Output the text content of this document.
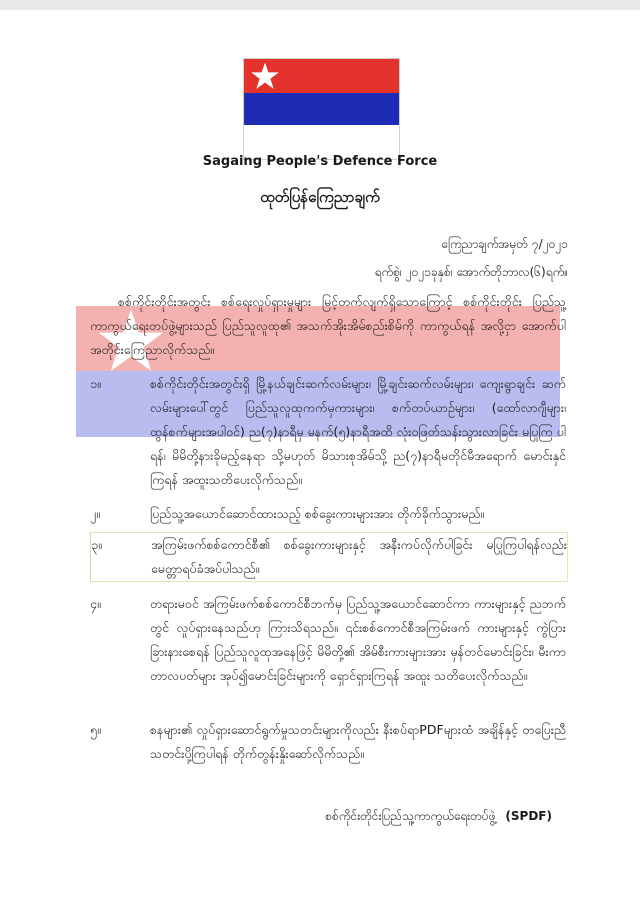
Sagaing People's Defence Force
ထုတ်ပြန်ကြေညာချက်
ကြေညာချက်အမှတ် ၇/၂၀၂၁
ရက်စွဲ၊ ၂၀၂၁ခုနှစ်၊ အောက်တိုဘာလ(၆)ရက်။
စစ်ကိုင်းတိုင်းအတွင်း စစ်ရေးလှုပ်ရှားမှုများ မြင့်တက်လျက်ရှိသောကြောင့် စစ်ကိုင်းတိုင်း ပြည်သူ့ကာကွယ်ရေးတပ်ဖွဲ့များသည် ပြည်သူလူထု၏ အသက်အိုးအိမ်စည်းစိမ်ကို ကာကွယ်ရန် အလို့ငှာ အောက်ပါအတိုင်းကြေညာလိုက်သည်။
၁။	စစ်ကိုင်းတိုင်းအတွင်းရှိ မြို့နယ်ချင်းဆက်လမ်းများ၊ မြို့ချင်းဆက်လမ်းများ၊ ကျေးရွာချင်း ဆက်လမ်းများပေါ်တွင် ပြည်သူလူထုကက်မှကားများ၊ စက်တပ်ယာဉ်များ၊ (ထော်လာဂျီများ၊ ထွန်စက်များအပါဝင်) ည(၇)နာရီမှ မနက်(၅)နာရီအထိ လုံးဝဖြတ်သန်းသွားလာခြင်း မပြုကြ ပါရန်၊ မိမိတို့နားခိုမည့်နေရာ သို့မဟုတ် မိသားစုအိမ်သို့ ည(၇)နာရီမတိုင်မီအရောက် မောင်းနှင်ကြရန် အထူးသတိပေးလိုက်သည်။
၂။	ပြည်သူ့အယောင်ဆောင်ထားသည့် စစ်ခွေးကားများအား တိုက်ခိုက်သွားမည်။
၃။	အကြမ်းဖက်စစ်ကောင်စီ၏ စစ်ခွေးကားများနှင့် အနီးကပ်လိုက်ပါခြင်း မပြုကြပါရန်လည်း မေတ္တာရပ်ခံအပ်ပါသည်။
၄။	တရားမဝင် အကြမ်းဖက်စစ်ကောင်စီဘက်မှ ပြည်သူ့အယောင်ဆောင်ကာ ကားများနှင့် ညဘက်တွင် လှုပ်ရှားနေသည်ဟု ကြားသိရသည်။ ၎င်းစစ်ကောင်စီအကြမ်းဖက် ကားများနှင့် ကွဲပြားခြားနားစေရန် ပြည်သူလူထုအနေဖြင့် မိမိတို့၏ အိမ်စီးကားများအား မှန်တင်မောင်းခြင်း၊ မီးကာတာလပတ်များ အုပ်၍မောင်းခြင်းများကို ရှောင်ရှားကြရန် အထူး သတိပေးလိုက်သည်။
၅။	စနများ၏ လှုပ်ရှားဆောင်ရွက်မှုသတင်းများကိုလည်း နီးစပ်ရာPDFများထံ အချိန်နှင့် တပြေးညီ သတင်းပို့ကြပါရန် တိုက်တွန်းနှိုးဆော်လိုက်သည်။
စစ်ကိုင်းတိုင်းပြည်သူ့ကာကွယ်ရေးတပ်ဖွဲ့ (SPDF)
